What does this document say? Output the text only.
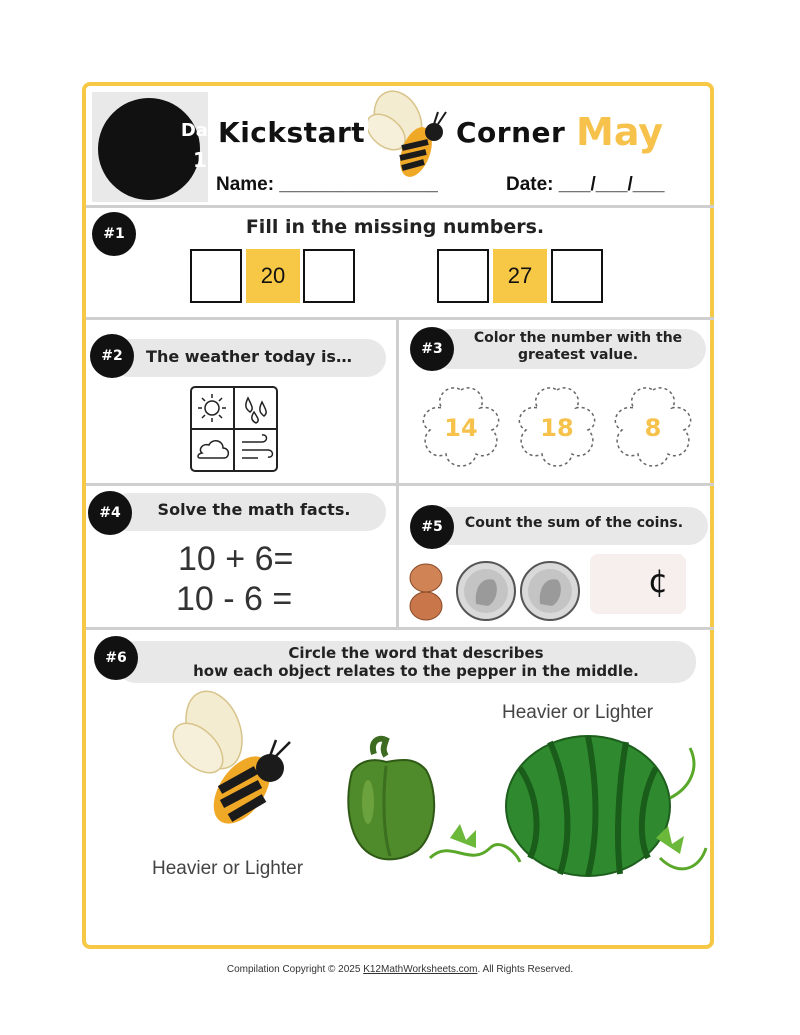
Day
1
Kickstart	Corner May
Name: _______________	Date: ___/___/___
#1	Fill in the missing numbers.
20	27
#2	The weather today is…	#3
Color the number with the
greatest value.
14	18	8
#4	Solve the math facts.
10 + 6=
10 - 6 =
#5	Count the sum of the coins.
¢
#6	Circle the word that describes
how each object relates to the pepper in the middle.
Heavier or Lighter
Heavier or Lighter
Compilation Copyright © 2025 K12MathWorksheets.com. All Rights Reserved.
